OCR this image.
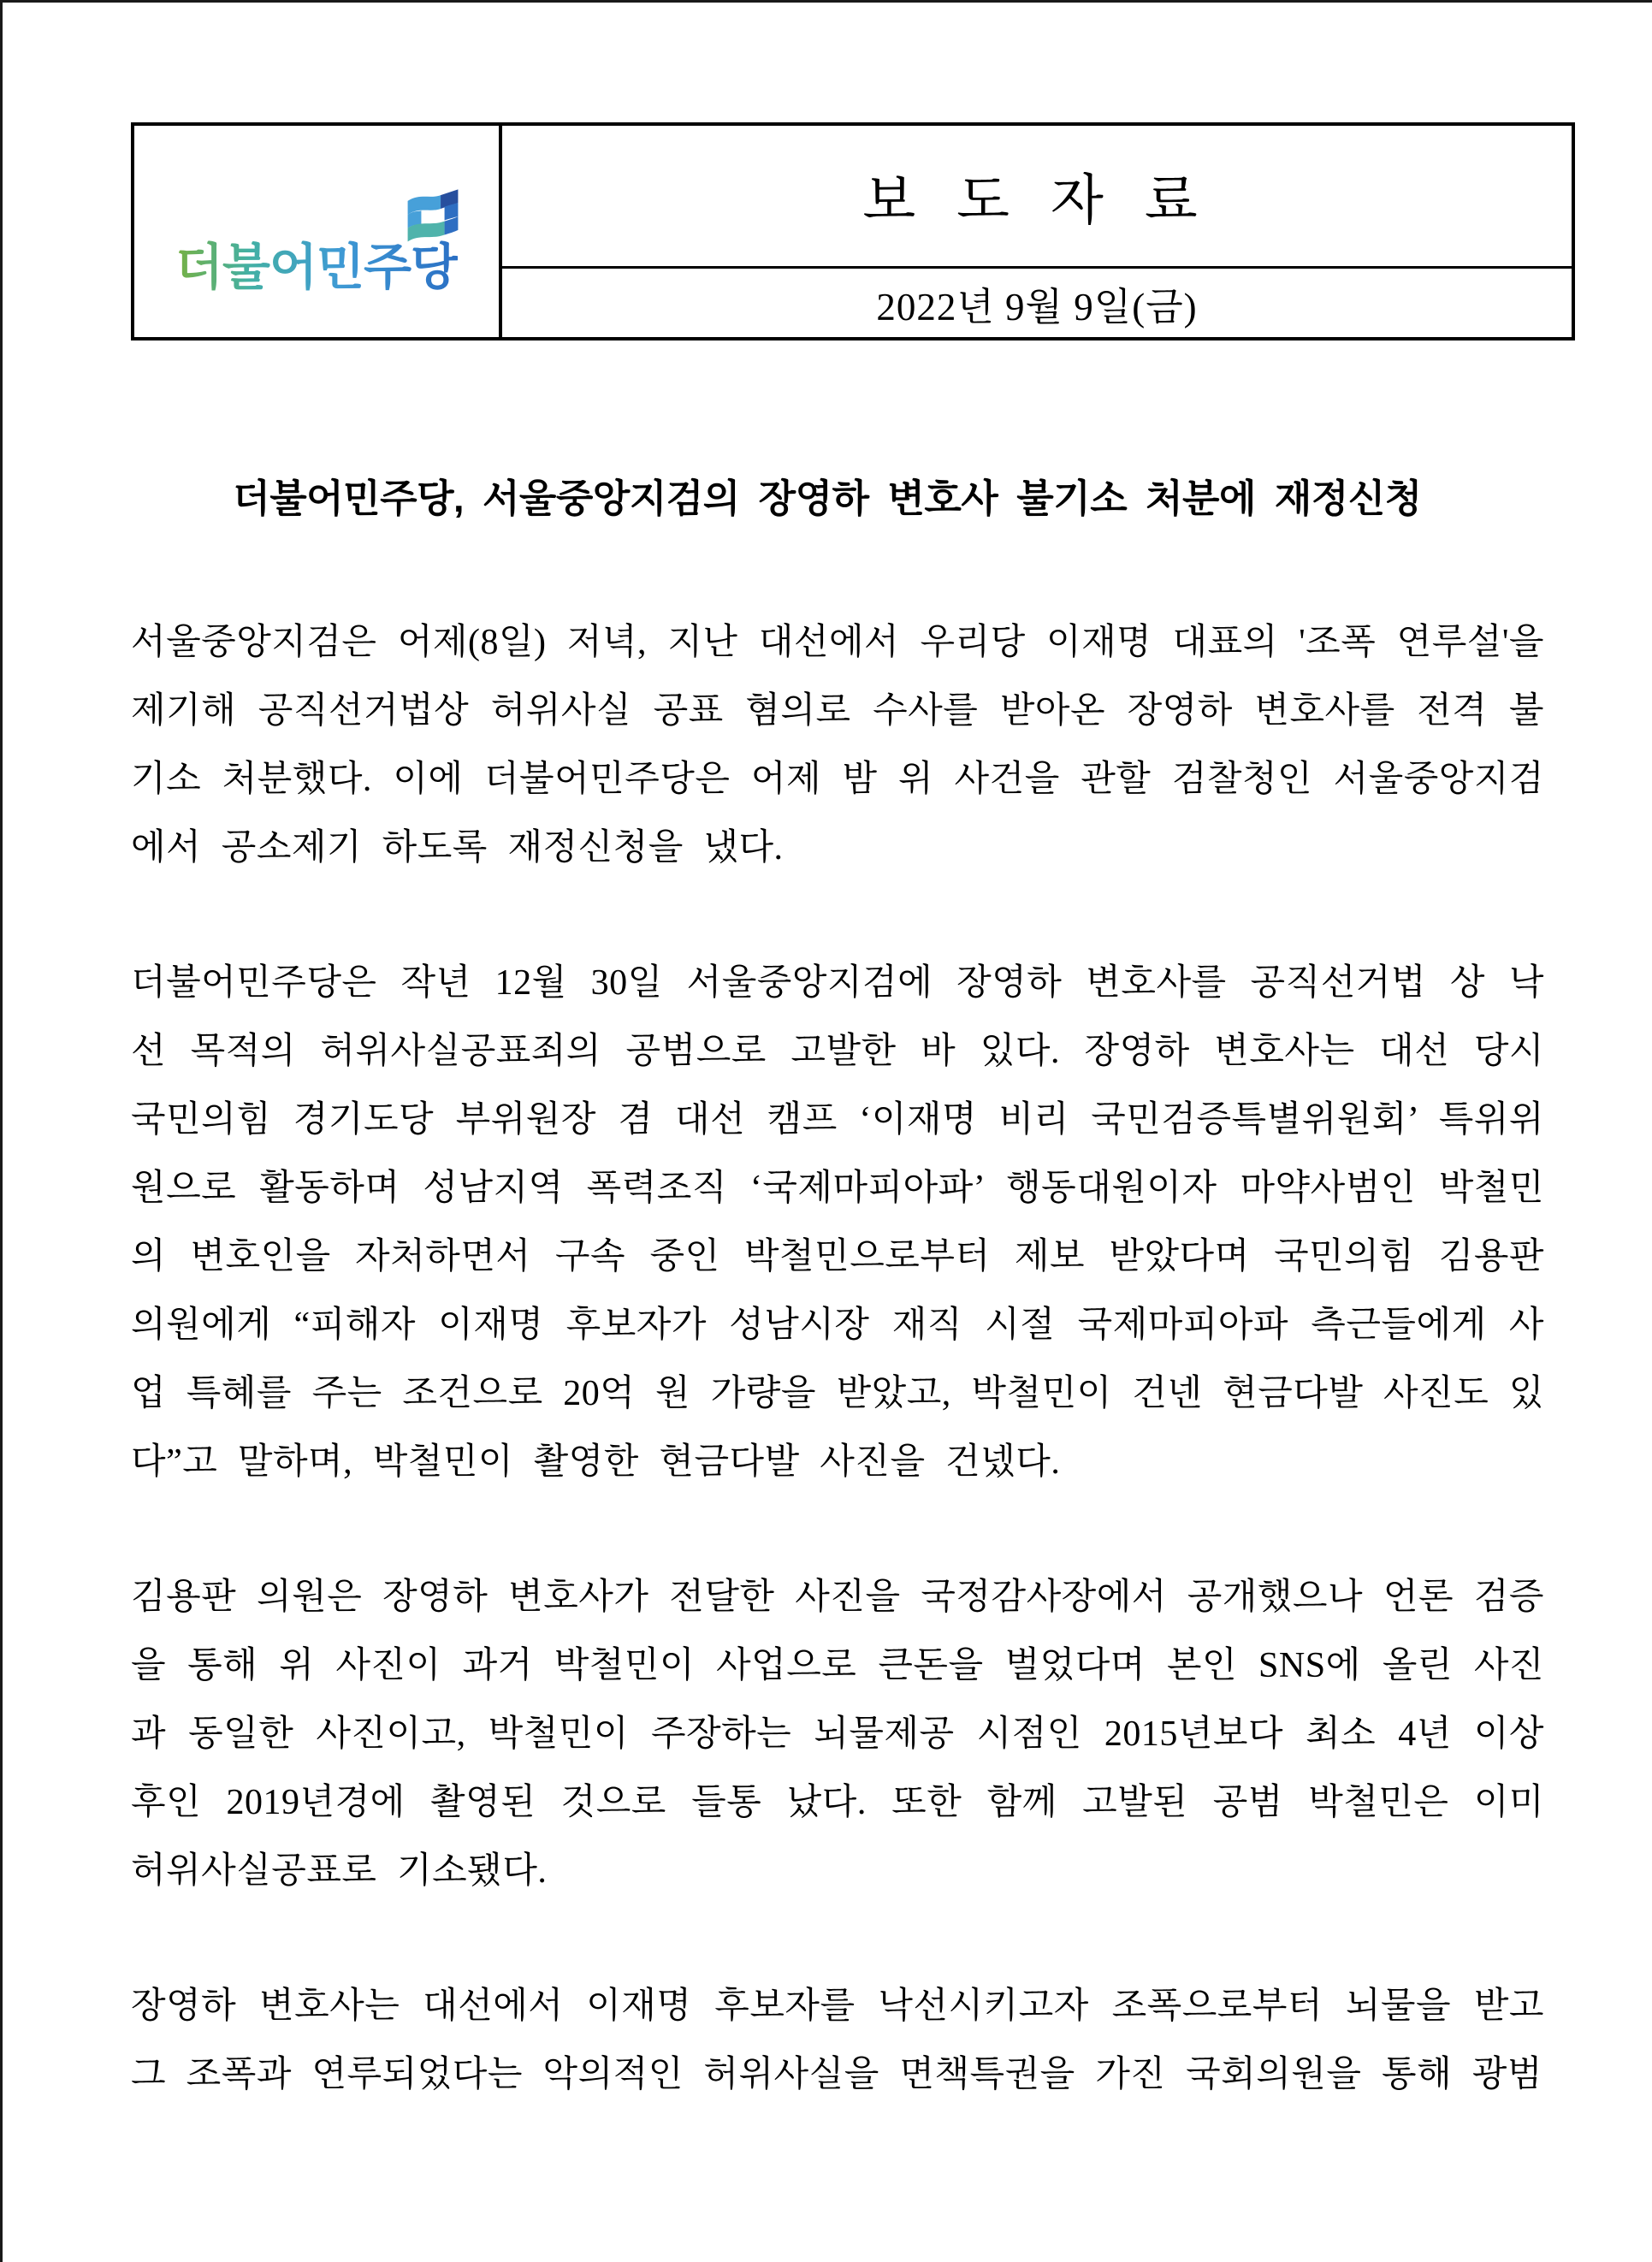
더불어민주당
보 도 자 료
2022년 9월 9일(금)
더불어민주당, 서울중앙지검의 장영하 변호사 불기소 처분에 재정신청

서울중앙지검은 어제(8일) 저녁, 지난 대선에서 우리당 이재명 대표의 '조폭 연루설'을 제기해 공직선거법상 허위사실 공표 혐의로 수사를 받아온 장영하 변호사를 전격 불기소 처분했다. 이에 더불어민주당은 어제 밤 위 사건을 관할 검찰청인 서울중앙지검에서 공소제기 하도록 재정신청을 냈다.

더불어민주당은 작년 12월 30일 서울중앙지검에 장영하 변호사를 공직선거법 상 낙선 목적의 허위사실공표죄의 공범으로 고발한 바 있다. 장영하 변호사는 대선 당시 국민의힘 경기도당 부위원장 겸 대선 캠프 ‘이재명 비리 국민검증특별위원회’ 특위위원으로 활동하며 성남지역 폭력조직 ‘국제마피아파’ 행동대원이자 마약사범인 박철민의 변호인을 자처하면서 구속 중인 박철민으로부터 제보 받았다며 국민의힘 김용판 의원에게 “피해자 이재명 후보자가 성남시장 재직 시절 국제마피아파 측근들에게 사업 특혜를 주는 조건으로 20억 원 가량을 받았고, 박철민이 건넨 현금다발 사진도 있다”고 말하며, 박철민이 촬영한 현금다발 사진을 건넸다.

김용판 의원은 장영하 변호사가 전달한 사진을 국정감사장에서 공개했으나 언론 검증을 통해 위 사진이 과거 박철민이 사업으로 큰돈을 벌었다며 본인 SNS에 올린 사진과 동일한 사진이고, 박철민이 주장하는 뇌물제공 시점인 2015년보다 최소 4년 이상 후인 2019년경에 촬영된 것으로 들통 났다. 또한 함께 고발된 공범 박철민은 이미 허위사실공표로 기소됐다.

장영하 변호사는 대선에서 이재명 후보자를 낙선시키고자 조폭으로부터 뇌물을 받고 그 조폭과 연루되었다는 악의적인 허위사실을 면책특권을 가진 국회의원을 통해 광범
